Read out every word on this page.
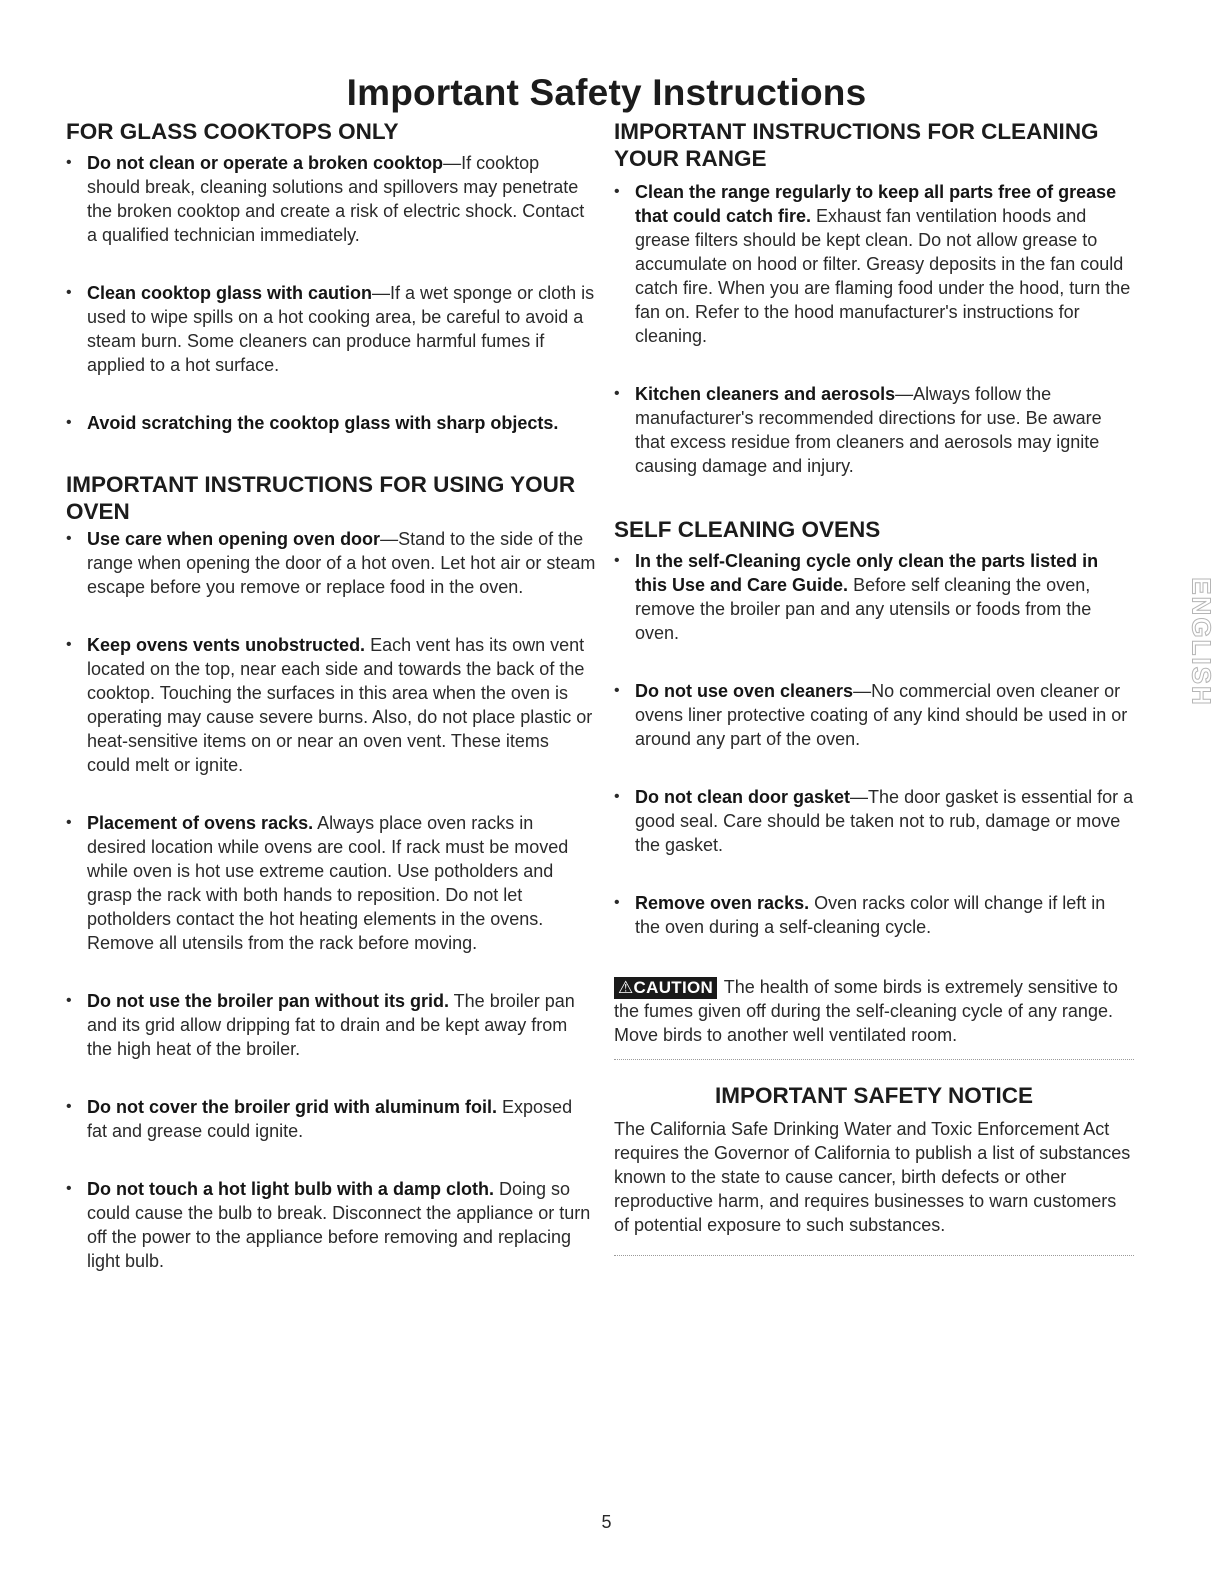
Important Safety Instructions
FOR GLASS COOKTOPS ONLY
• Do not clean or operate a broken cooktop—If cooktop should break, cleaning solutions and spillovers may penetrate the broken cooktop and create a risk of electric shock. Contact a qualified technician immediately.
• Clean cooktop glass with caution—If a wet sponge or cloth is used to wipe spills on a hot cooking area, be careful to avoid a steam burn. Some cleaners can produce harmful fumes if applied to a hot surface.
• Avoid scratching the cooktop glass with sharp objects.
IMPORTANT INSTRUCTIONS FOR USING YOUR OVEN
• Use care when opening oven door—Stand to the side of the range when opening the door of a hot oven. Let hot air or steam escape before you remove or replace food in the oven.
• Keep ovens vents unobstructed. Each vent has its own vent located on the top, near each side and towards the back of the cooktop. Touching the surfaces in this area when the oven is operating may cause severe burns. Also, do not place plastic or heat-sensitive items on or near an oven vent. These items could melt or ignite.
• Placement of ovens racks. Always place oven racks in desired location while ovens are cool. If rack must be moved while oven is hot use extreme caution. Use potholders and grasp the rack with both hands to reposition. Do not let potholders contact the hot heating elements in the ovens. Remove all utensils from the rack before moving.
• Do not use the broiler pan without its grid. The broiler pan and its grid allow dripping fat to drain and be kept away from the high heat of the broiler.
• Do not cover the broiler grid with aluminum foil. Exposed fat and grease could ignite.
• Do not touch a hot light bulb with a damp cloth. Doing so could cause the bulb to break. Disconnect the appliance or turn off the power to the appliance before removing and replacing light bulb.
IMPORTANT INSTRUCTIONS FOR CLEANING YOUR RANGE
• Clean the range regularly to keep all parts free of grease that could catch fire. Exhaust fan ventilation hoods and grease filters should be kept clean. Do not allow grease to accumulate on hood or filter. Greasy deposits in the fan could catch fire. When you are flaming food under the hood, turn the fan on. Refer to the hood manufacturer's instructions for cleaning.
• Kitchen cleaners and aerosols—Always follow the manufacturer's recommended directions for use. Be aware that excess residue from cleaners and aerosols may ignite causing damage and injury.
SELF CLEANING OVENS
• In the self-Cleaning cycle only clean the parts listed in this Use and Care Guide. Before self cleaning the oven, remove the broiler pan and any utensils or foods from the oven.
• Do not use oven cleaners—No commercial oven cleaner or ovens liner protective coating of any kind should be used in or around any part of the oven.
• Do not clean door gasket—The door gasket is essential for a good seal. Care should be taken not to rub, damage or move the gasket.
• Remove oven racks. Oven racks color will change if left in the oven during a self-cleaning cycle.
⚠CAUTION The health of some birds is extremely sensitive to the fumes given off during the self-cleaning cycle of any range. Move birds to another well ventilated room.
IMPORTANT SAFETY NOTICE
The California Safe Drinking Water and Toxic Enforcement Act requires the Governor of California to publish a list of substances known to the state to cause cancer, birth defects or other reproductive harm, and requires businesses to warn customers of potential exposure to such substances.
ENGLISH
5
